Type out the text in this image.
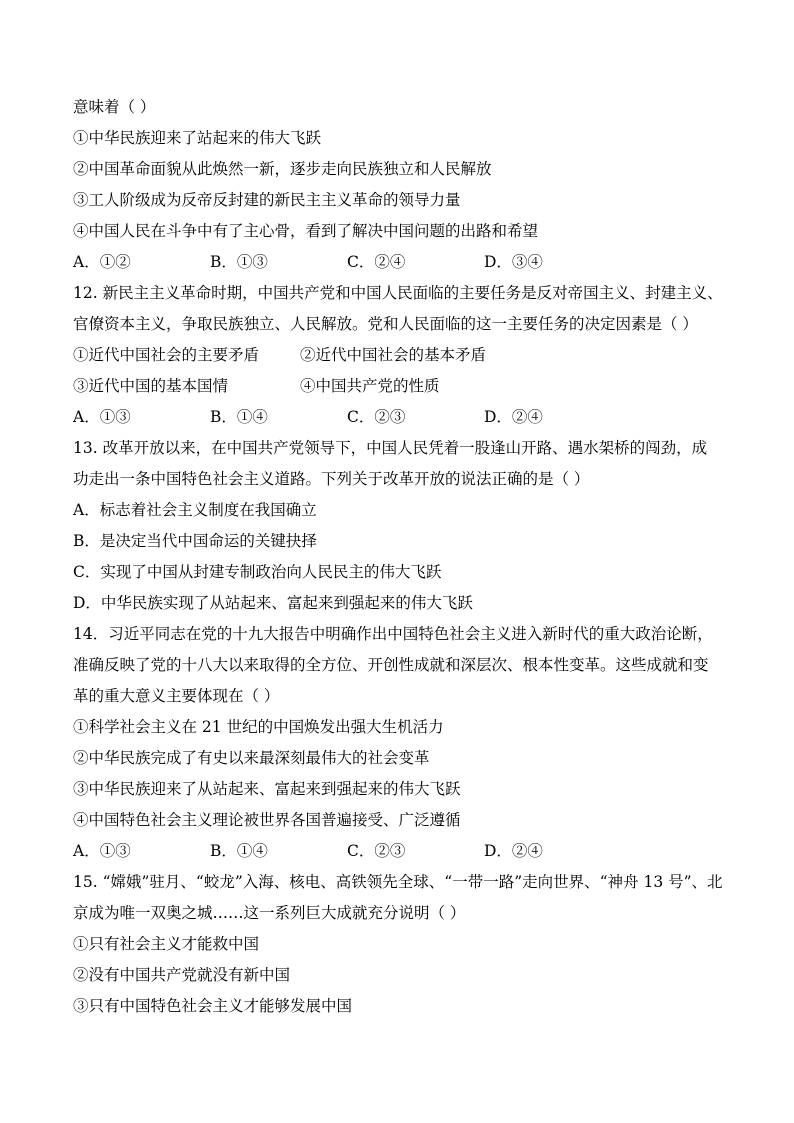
意味着（ ）
①中华民族迎来了站起来的伟大飞跃
②中国革命面貌从此焕然一新，逐步走向民族独立和人民解放
③工人阶级成为反帝反封建的新民主主义革命的领导力量
④中国人民在斗争中有了主心骨，看到了解决中国问题的出路和希望
A．①②	B．①③	C．②④	D．③④
12. 新民主主义革命时期，中国共产党和中国人民面临的主要任务是反对帝国主义、封建主义、
官僚资本主义，争取民族独立、人民解放。党和人民面临的这一主要任务的决定因素是（ ）
①近代中国社会的主要矛盾	②近代中国社会的基本矛盾
③近代中国的基本国情	④中国共产党的性质
A．①③	B．①④	C．②③	D．②④
13. 改革开放以来，在中国共产党领导下，中国人民凭着一股逢山开路、遇水架桥的闯劲，成
功走出一条中国特色社会主义道路。下列关于改革开放的说法正确的是（ ）
A．标志着社会主义制度在我国确立
B．是决定当代中国命运的关键抉择
C．实现了中国从封建专制政治向人民民主的伟大飞跃
D．中华民族实现了从站起来、富起来到强起来的伟大飞跃
14．习近平同志在党的十九大报告中明确作出中国特色社会主义进入新时代的重大政治论断，
准确反映了党的十八大以来取得的全方位、开创性成就和深层次、根本性变革。这些成就和变
革的重大意义主要体现在（ ）
①科学社会主义在 21 世纪的中国焕发出强大生机活力
②中华民族完成了有史以来最深刻最伟大的社会变革
③中华民族迎来了从站起来、富起来到强起来的伟大飞跃
④中国特色社会主义理论被世界各国普遍接受、广泛遵循
A．①③	B．①④	C．②③	D．②④
15. “嫦娥”驻月、“蛟龙”入海、核电、高铁领先全球、“一带一路”走向世界、“神舟 13 号”、北
京成为唯一双奥之城……这一系列巨大成就充分说明（ ）
①只有社会主义才能救中国
②没有中国共产党就没有新中国
③只有中国特色社会主义才能够发展中国
